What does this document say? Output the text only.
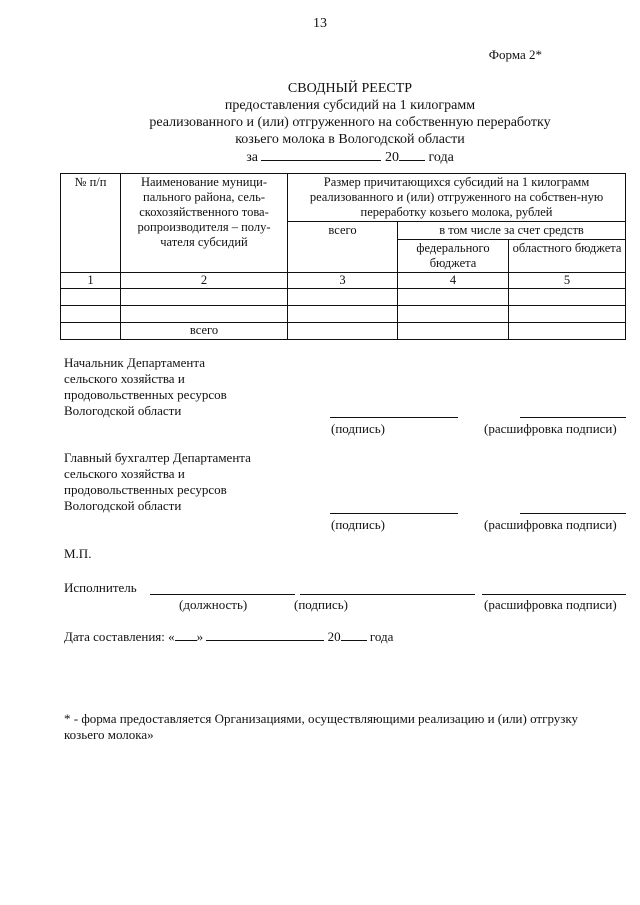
13
Форма 2*
СВОДНЫЙ РЕЕСТР
предоставления субсидий на 1 килограмм
реализованного и (или) отгруженного на собственную переработку
козьего молока в Вологодской области
за	20 года
№ п/п	Наименование муници-пального района, сель-скохозяйственного това-ропроизводителя – полу-чателя субсидий	Размер причитающихся субсидий на 1 килограмм реализованного и (или) отгруженного на собствен-ную переработку козьего молока, рублей		
		всего	в том числе за счет средств	
			федерального бюджета	областного бюджета
1	2	3	4	5

	всего			
Начальник Департамента
сельского хозяйства и
продовольственных ресурсов
Вологодской области
(подпись)	(расшифровка подписи)
Главный бухгалтер Департамента
сельского хозяйства и
продовольственных ресурсов
Вологодской области
(подпись)	(расшифровка подписи)
М.П.
Исполнитель
(должность)	(подпись)	(расшифровка подписи)
Дата составления: « »	20 года
* - форма предоставляется Организациями, осуществляющими реализацию и (или) отгрузку
козьего молока»
